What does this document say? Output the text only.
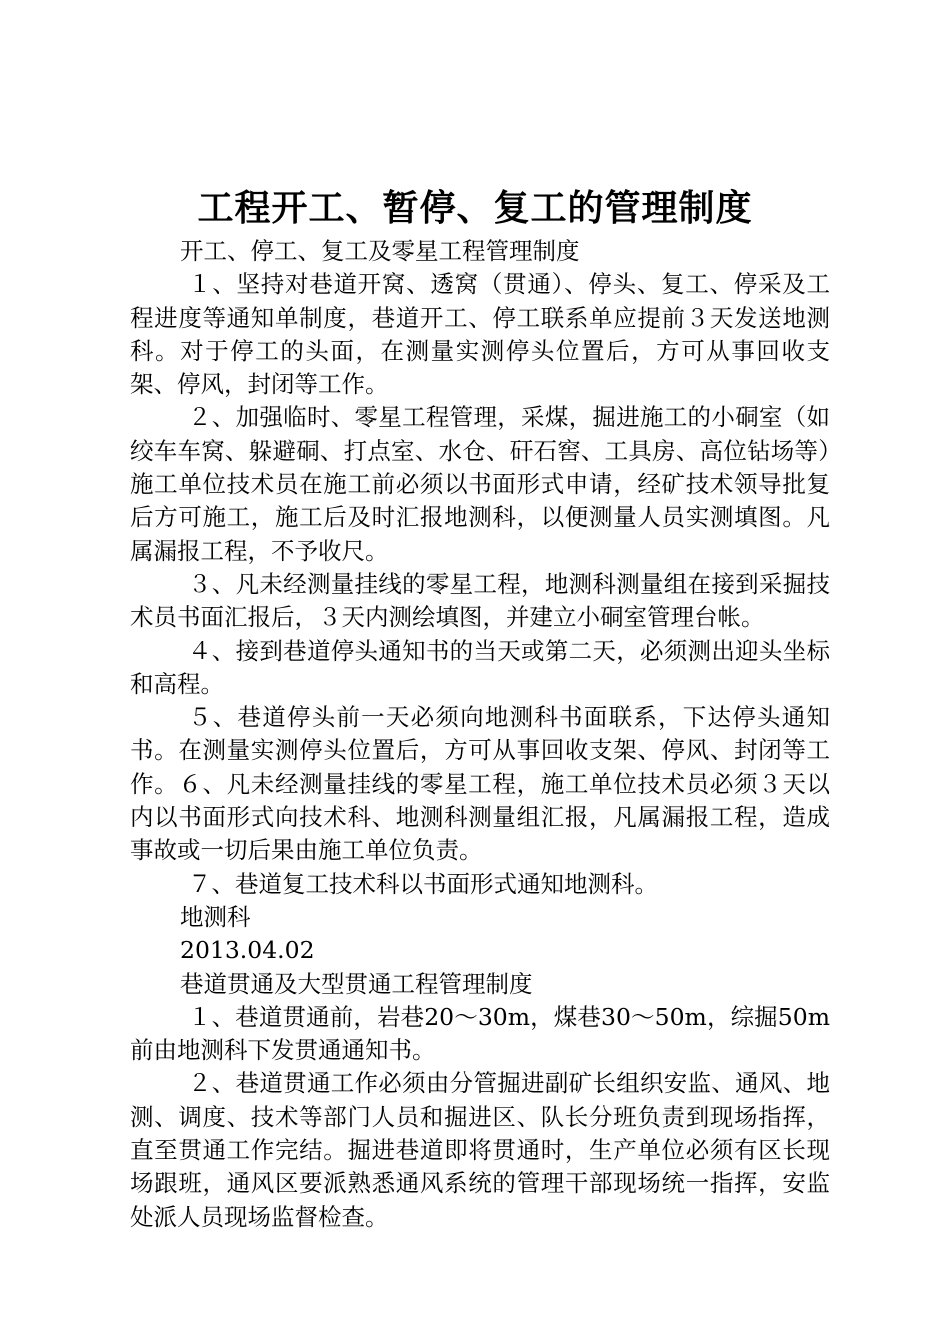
工程开工、暂停、复工的管理制度

开工、停工、复工及零星工程管理制度

１、坚持对巷道开窝、透窝（贯通）、停头、复工、停采及工程进度等通知单制度，巷道开工、停工联系单应提前３天发送地测科。对于停工的头面，在测量实测停头位置后，方可从事回收支架、停风，封闭等工作。

２、加强临时、零星工程管理，采煤，掘进施工的小硐室（如绞车车窝、躲避硐、打点室、水仓、矸石窖、工具房、高位钻场等）施工单位技术员在施工前必须以书面形式申请，经矿技术领导批复后方可施工，施工后及时汇报地测科，以便测量人员实测填图。凡属漏报工程，不予收尺。

３、凡未经测量挂线的零星工程，地测科测量组在接到采掘技术员书面汇报后，３天内测绘填图，并建立小硐室管理台帐。

４、接到巷道停头通知书的当天或第二天，必须测出迎头坐标和高程。

５、巷道停头前一天必须向地测科书面联系，下达停头通知书。在测量实测停头位置后，方可从事回收支架、停风、封闭等工作。６、凡未经测量挂线的零星工程，施工单位技术员必须３天以内以书面形式向技术科、地测科测量组汇报，凡属漏报工程，造成事故或一切后果由施工单位负责。

７、巷道复工技术科以书面形式通知地测科。

地测科

2013.04.02

巷道贯通及大型贯通工程管理制度

１、巷道贯通前，岩巷20～30m，煤巷30～50m，综掘50m前由地测科下发贯通通知书。

２、巷道贯通工作必须由分管掘进副矿长组织安监、通风、地测、调度、技术等部门人员和掘进区、队长分班负责到现场指挥，直至贯通工作完结。掘进巷道即将贯通时，生产单位必须有区长现场跟班，通风区要派熟悉通风系统的管理干部现场统一指挥，安监处派人员现场监督检查。
